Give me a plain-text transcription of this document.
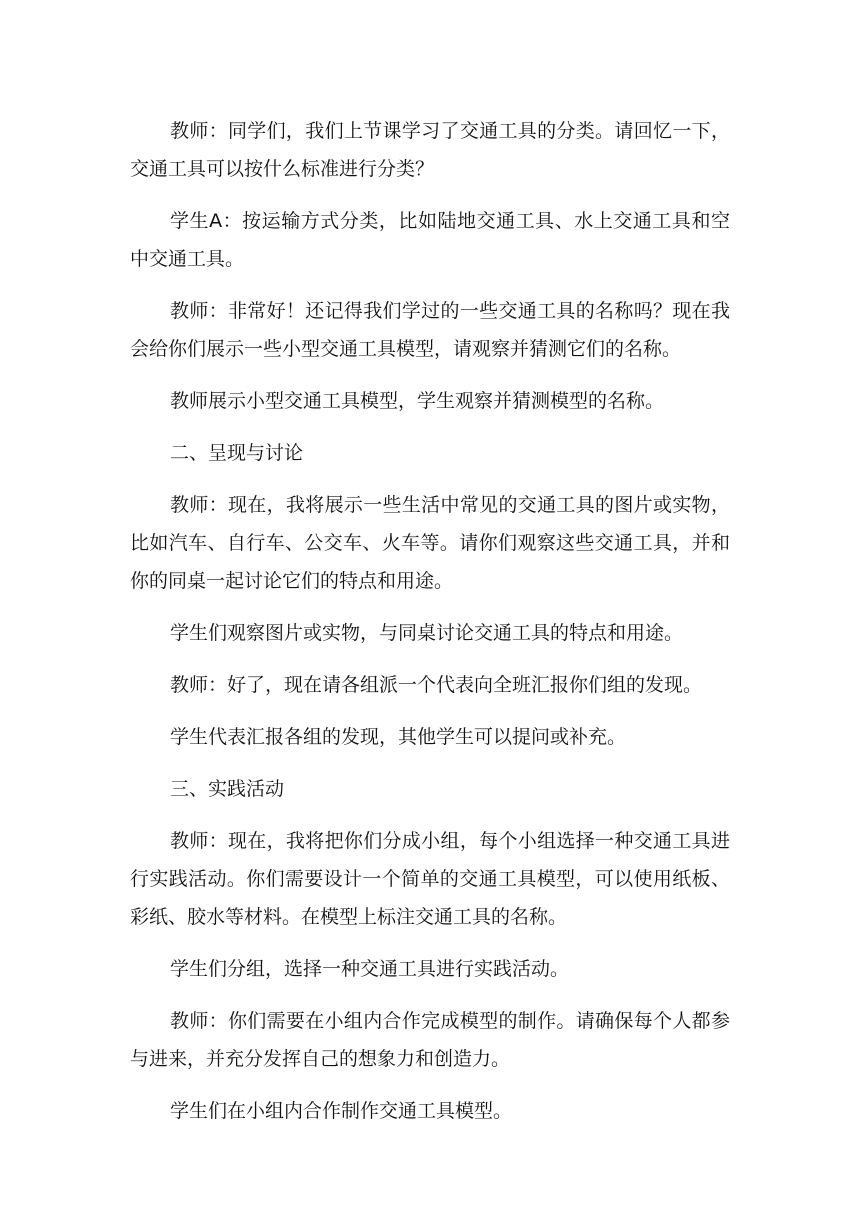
教师：同学们，我们上节课学习了交通工具的分类。请回忆一下，交通工具可以按什么标准进行分类？

学生A：按运输方式分类，比如陆地交通工具、水上交通工具和空中交通工具。

教师：非常好！还记得我们学过的一些交通工具的名称吗？现在我会给你们展示一些小型交通工具模型，请观察并猜测它们的名称。

教师展示小型交通工具模型，学生观察并猜测模型的名称。

二、呈现与讨论

教师：现在，我将展示一些生活中常见的交通工具的图片或实物，比如汽车、自行车、公交车、火车等。请你们观察这些交通工具，并和你的同桌一起讨论它们的特点和用途。

学生们观察图片或实物，与同桌讨论交通工具的特点和用途。

教师：好了，现在请各组派一个代表向全班汇报你们组的发现。

学生代表汇报各组的发现，其他学生可以提问或补充。

三、实践活动

教师：现在，我将把你们分成小组，每个小组选择一种交通工具进行实践活动。你们需要设计一个简单的交通工具模型，可以使用纸板、彩纸、胶水等材料。在模型上标注交通工具的名称。

学生们分组，选择一种交通工具进行实践活动。

教师：你们需要在小组内合作完成模型的制作。请确保每个人都参与进来，并充分发挥自己的想象力和创造力。

学生们在小组内合作制作交通工具模型。
